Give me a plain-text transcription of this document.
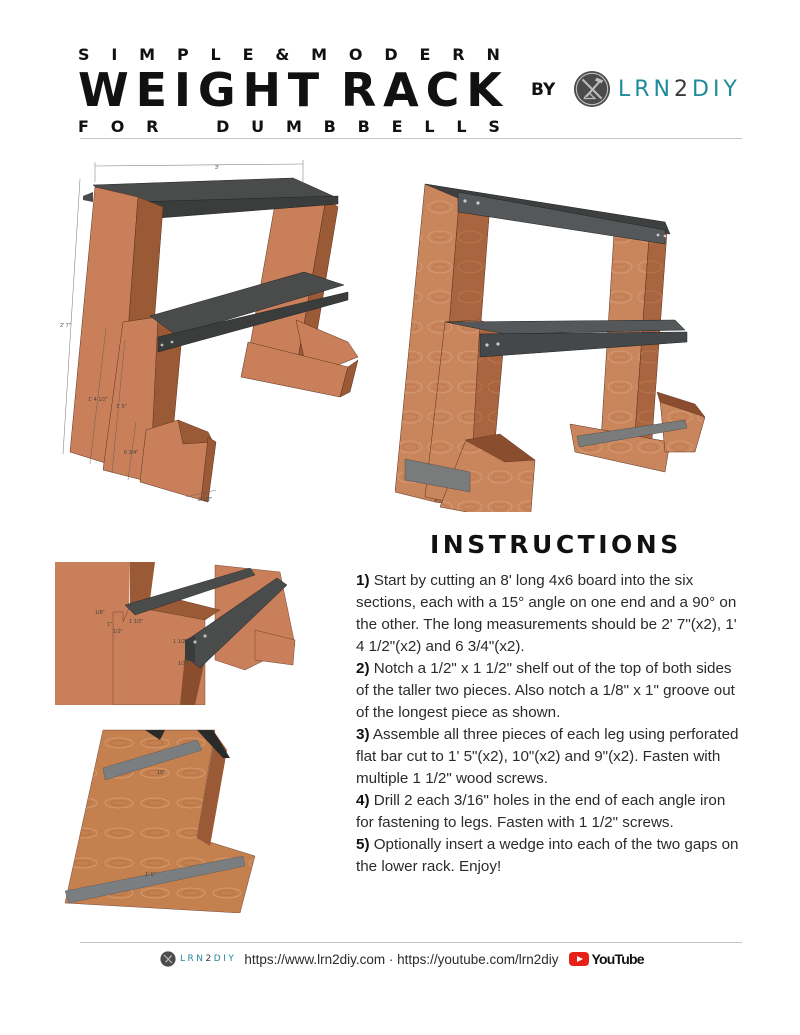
S I M P L E & M O D E R N
W E I G H T R A C K
F O R	D U M B B E L L S
BY	LRN2DIY
3'
2' 7"
1' 4 1/2"
1' 5"
6 3/4"
3 1/2"
1/8"
1 1/2"
1"
1/2"
1 1/2"
1/2"
10"
1' 5"
INSTRUCTIONS
1) Start by cutting an 8' long 4x6 board into the six sections, each with a 15° angle on one end and a 90° on the other. The long measurements should be 2' 7"(x2), 1' 4 1/2"(x2) and 6 3/4"(x2).
2) Notch a 1/2" x 1 1/2" shelf out of the top of both sides of the taller two pieces. Also notch a 1/8" x 1" groove out of the longest piece as shown.
3) Assemble all three pieces of each leg using perforated flat bar cut to 1' 5"(x2), 10"(x2) and 9"(x2). Fasten with multiple 1 1/2" wood screws.
4) Drill 2 each 3/16" holes in the end of each angle iron for fastening to legs. Fasten with 1 1/2" screws.
5) Optionally insert a wedge into each of the two gaps on the lower rack. Enjoy!
LRN2DIY https://www.lrn2diy.com · https://youtube.com/lrn2diy YouTube
